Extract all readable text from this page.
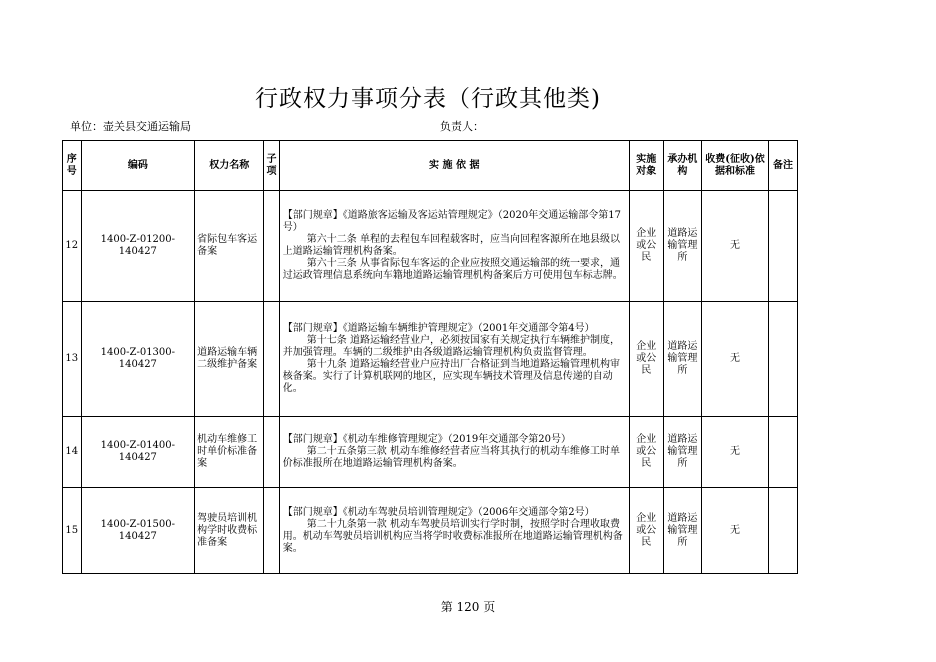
行政权力事项分表（行政其他类)
单位：壶关县交通运输局	负责人：
序号	编码	权力名称	子项	实 施 依 据	实施对象	承办机构	收费(征收)依据和标准	备注
12	1400-Z-01200-140427	省际包车客运备案		【部门规章】《道路旅客运输及客运站管理规定》（2020年交通运输部令第17号）

第六十二条 单程的去程包车回程载客时，应当向回程客源所在地县级以上道路运输管理机构备案。

第六十三条 从事省际包车客运的企业应按照交通运输部的统一要求，通过运政管理信息系统向车籍地道路运输管理机构备案后方可使用包车标志牌。	企业或公民	道路运输管理所	无	
13	1400-Z-01300-140427	道路运输车辆二级维护备案		【部门规章】《道路运输车辆维护管理规定》（2001年交通部令第4号）

第十七条 道路运输经营业户，必须按国家有关规定执行车辆维护制度，并加强管理。车辆的二级维护由各级道路运输管理机构负责监督管理。

第十九条 道路运输经营业户应持出厂合格证到当地道路运输管理机构审核备案。实行了计算机联网的地区，应实现车辆技术管理及信息传递的自动化。	企业或公民	道路运输管理所	无	
14	1400-Z-01400-140427	机动车维修工时单价标准备案		【部门规章】《机动车维修管理规定》（2019年交通部令第20号）

第二十五条第三款 机动车维修经营者应当将其执行的机动车维修工时单价标准报所在地道路运输管理机构备案。	企业或公民	道路运输管理所	无	
15	1400-Z-01500-140427	驾驶员培训机构学时收费标准备案		【部门规章】《机动车驾驶员培训管理规定》（2006年交通部令第2号）

第二十九条第一款 机动车驾驶员培训实行学时制，按照学时合理收取费用。机动车驾驶员培训机构应当将学时收费标准报所在地道路运输管理机构备案。	企业或公民	道路运输管理所	无	
第 120 页
